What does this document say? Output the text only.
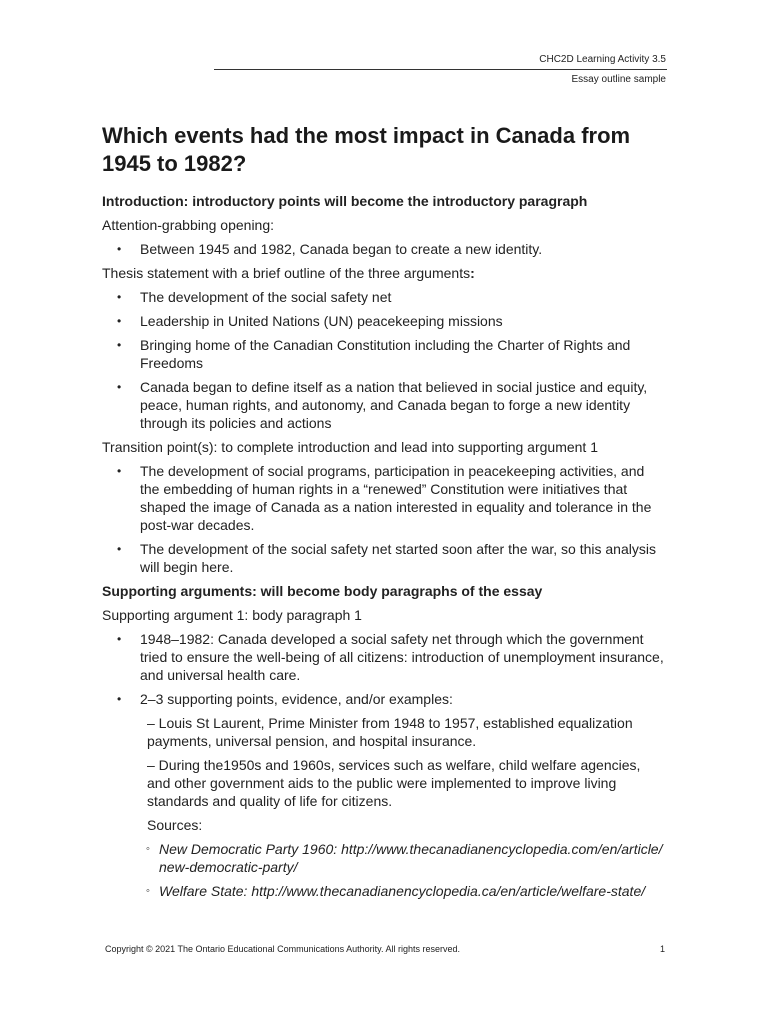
CHC2D Learning Activity 3.5
Essay outline sample
Which events had the most impact in Canada from 1945 to 1982?
Introduction: introductory points will become the introductory paragraph
Attention-grabbing opening:
• Between 1945 and 1982, Canada began to create a new identity.
Thesis statement with a brief outline of the three arguments:
• The development of the social safety net
• Leadership in United Nations (UN) peacekeeping missions
• Bringing home of the Canadian Constitution including the Charter of Rights and Freedoms
• Canada began to define itself as a nation that believed in social justice and equity, peace, human rights, and autonomy, and Canada began to forge a new identity through its policies and actions
Transition point(s): to complete introduction and lead into supporting argument 1
• The development of social programs, participation in peacekeeping activities, and the embedding of human rights in a “renewed” Constitution were initiatives that shaped the image of Canada as a nation interested in equality and tolerance in the post-war decades.
• The development of the social safety net started soon after the war, so this analysis will begin here.
Supporting arguments: will become body paragraphs of the essay
Supporting argument 1: body paragraph 1
• 1948–1982: Canada developed a social safety net through which the government tried to ensure the well-being of all citizens: introduction of unemployment insurance, and universal health care.
• 2–3 supporting points, evidence, and/or examples:
– Louis St Laurent, Prime Minister from 1948 to 1957, established equalization payments, universal pension, and hospital insurance.
– During the1950s and 1960s, services such as welfare, child welfare agencies, and other government aids to the public were implemented to improve living standards and quality of life for citizens.
Sources:
◦ New Democratic Party 1960: http://www.thecanadianencyclopedia.com/en/article/ new-democratic-party/
◦ Welfare State: http://www.thecanadianencyclopedia.ca/en/article/welfare-state/
Copyright © 2021 The Ontario Educational Communications Authority. All rights reserved.	1
